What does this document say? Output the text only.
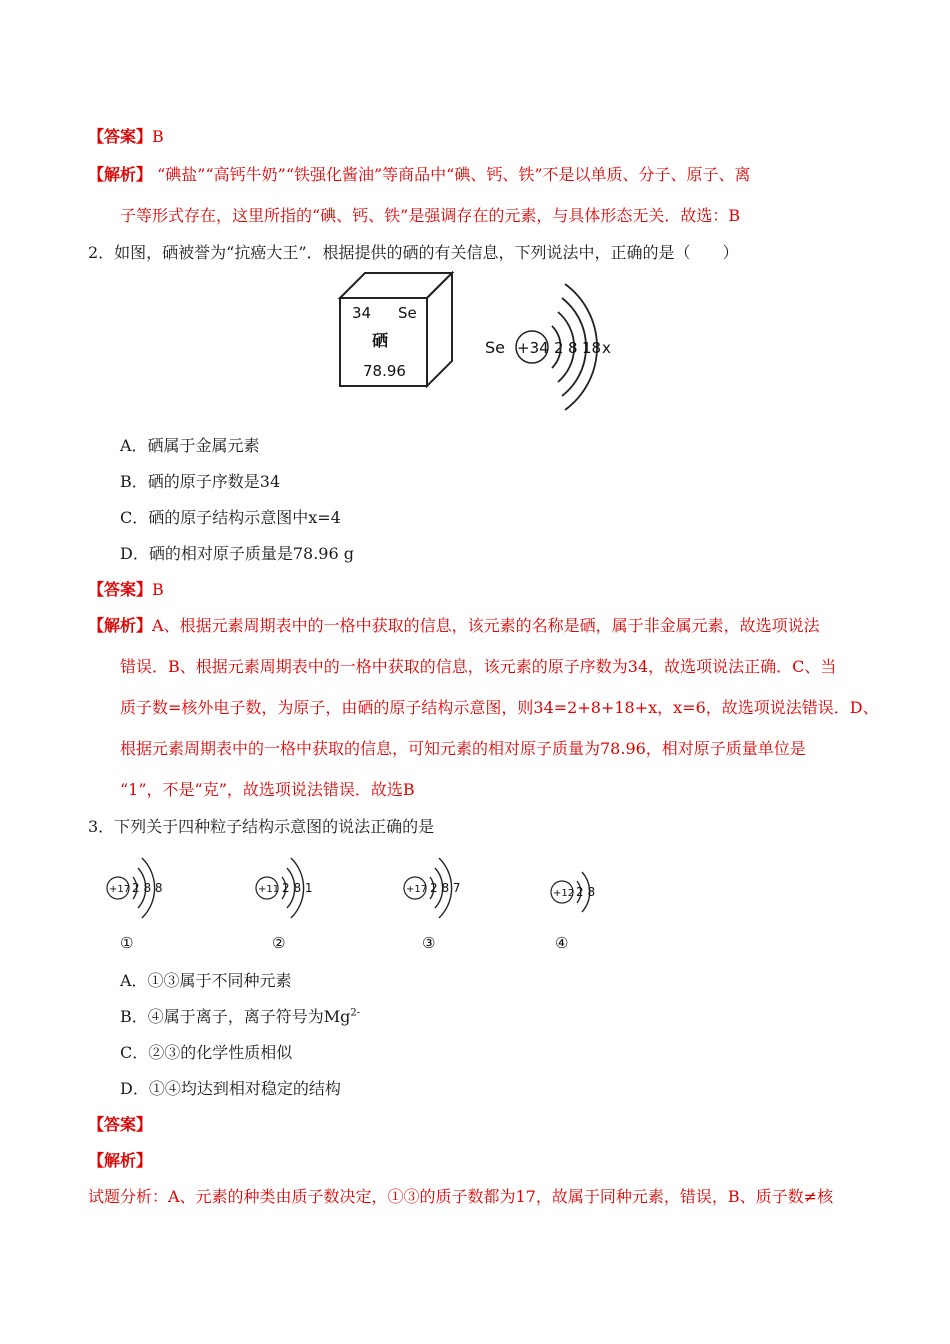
【答案】B
【解析】 “碘盐”“高钙牛奶”“铁强化酱油”等商品中“碘、钙、铁”不是以单质、分子、原子、离
子等形式存在，这里所指的“碘、钙、铁”是强调存在的元素，与具体形态无关．故选：B
2．如图，硒被誉为“抗癌大王”．根据提供的硒的有关信息，下列说法中，正确的是（　　）
34 Se
硒
78.96
Se +34 2 8 18 x
A．硒属于金属元素
B．硒的原子序数是34
C．硒的原子结构示意图中x=4
D．硒的相对原子质量是78.96 g
【答案】B
【解析】A、根据元素周期表中的一格中获取的信息，该元素的名称是硒，属于非金属元素，故选项说法
错误．B、根据元素周期表中的一格中获取的信息，该元素的原子序数为34，故选项说法正确．C、当
质子数=核外电子数，为原子，由硒的原子结构示意图，则34=2+8+18+x，x=6，故选项说法错误．D、
根据元素周期表中的一格中获取的信息，可知元素的相对原子质量为78.96，相对原子质量单位是
“1”，不是“克”，故选项说法错误．故选B
3．下列关于四种粒子结构示意图的说法正确的是
+17 2 8 8
①
+11 2 8 1
②
+17 2 8 7
③
+12 2 8
④
A．①③属于不同种元素
B．④属于离子，离子符号为$Mg^{2-}$
C．②③的化学性质相似
D．①④均达到相对稳定的结构
【答案】
【解析】
试题分析：A、元素的种类由质子数决定，①③的质子数都为17，故属于同种元素，错误，B、质子数≠核
